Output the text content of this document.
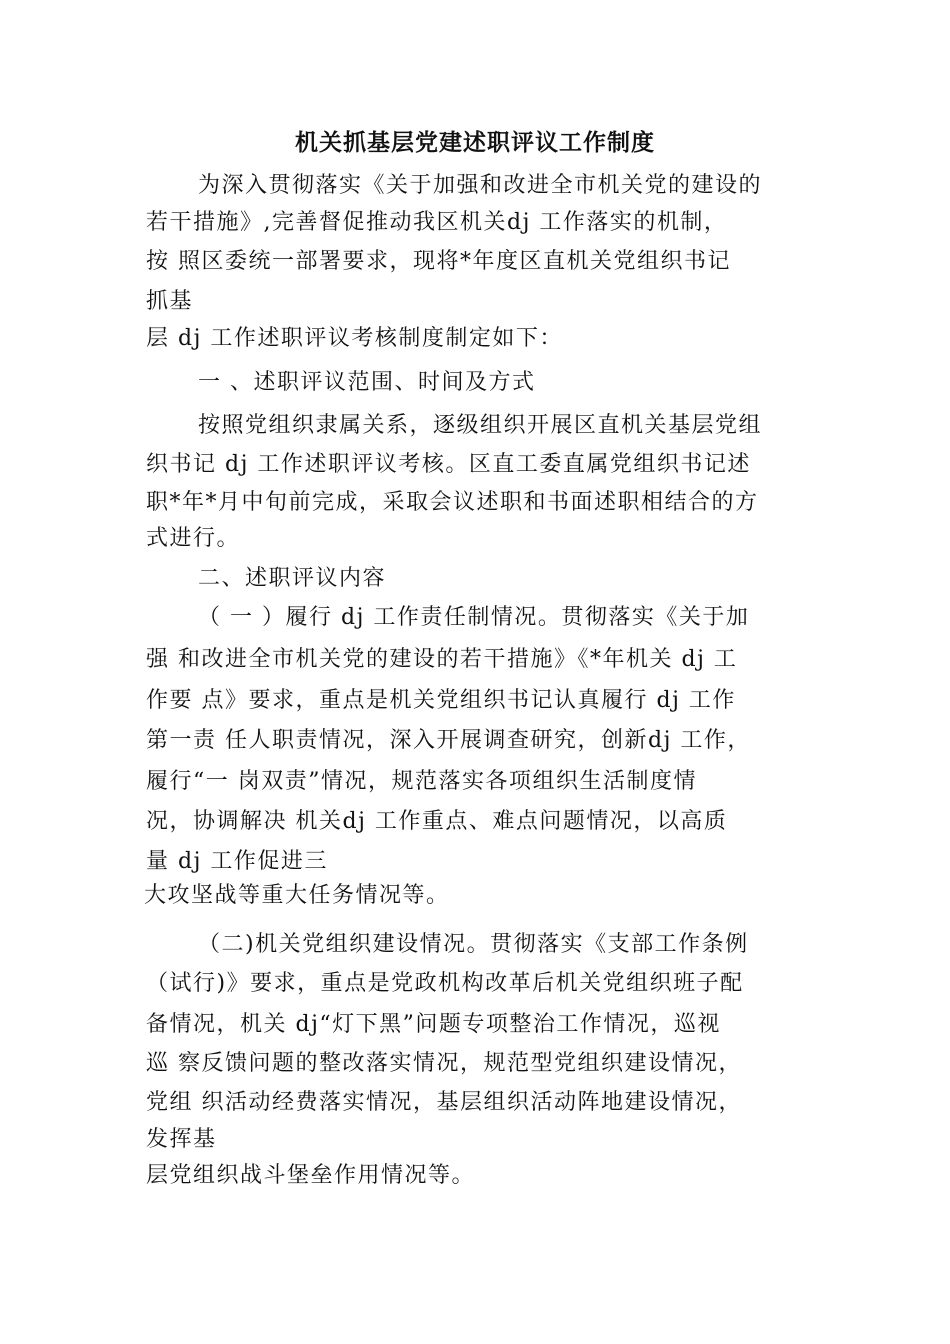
机关抓基层党建述职评议工作制度
为深入贯彻落实《关于加强和改进全市机关党的建设的
若干措施》,完善督促推动我区机关dj 工作落实的机制，
按 照区委统一部署要求，现将*年度区直机关党组织书记
抓基
层 dj 工作述职评议考核制度制定如下：
一 、述职评议范围、时间及方式
按照党组织隶属关系，逐级组织开展区直机关基层党组
织书记 dj 工作述职评议考核。区直工委直属党组织书记述
职*年*月中旬前完成，采取会议述职和书面述职相结合的方
式进行。
二、述职评议内容
（ 一 ）履行 dj 工作责任制情况。贯彻落实《关于加
强 和改进全市机关党的建设的若干措施》《*年机关 dj 工
作要 点》要求，重点是机关党组织书记认真履行 dj 工作
第一责 任人职责情况，深入开展调查研究，创新dj 工作，
履行“一 岗双责”情况，规范落实各项组织生活制度情
况，协调解决 机关dj 工作重点、难点问题情况，以高质
量 dj 工作促进三
大攻坚战等重大任务情况等。
（二)机关党组织建设情况。贯彻落实《支部工作条例
（试行)》要求，重点是党政机构改革后机关党组织班子配
备情况，机关 dj“灯下黑”问题专项整治工作情况，巡视
巡 察反馈问题的整改落实情况，规范型党组织建设情况，
党组 织活动经费落实情况，基层组织活动阵地建设情况，
发挥基
层党组织战斗堡垒作用情况等。
